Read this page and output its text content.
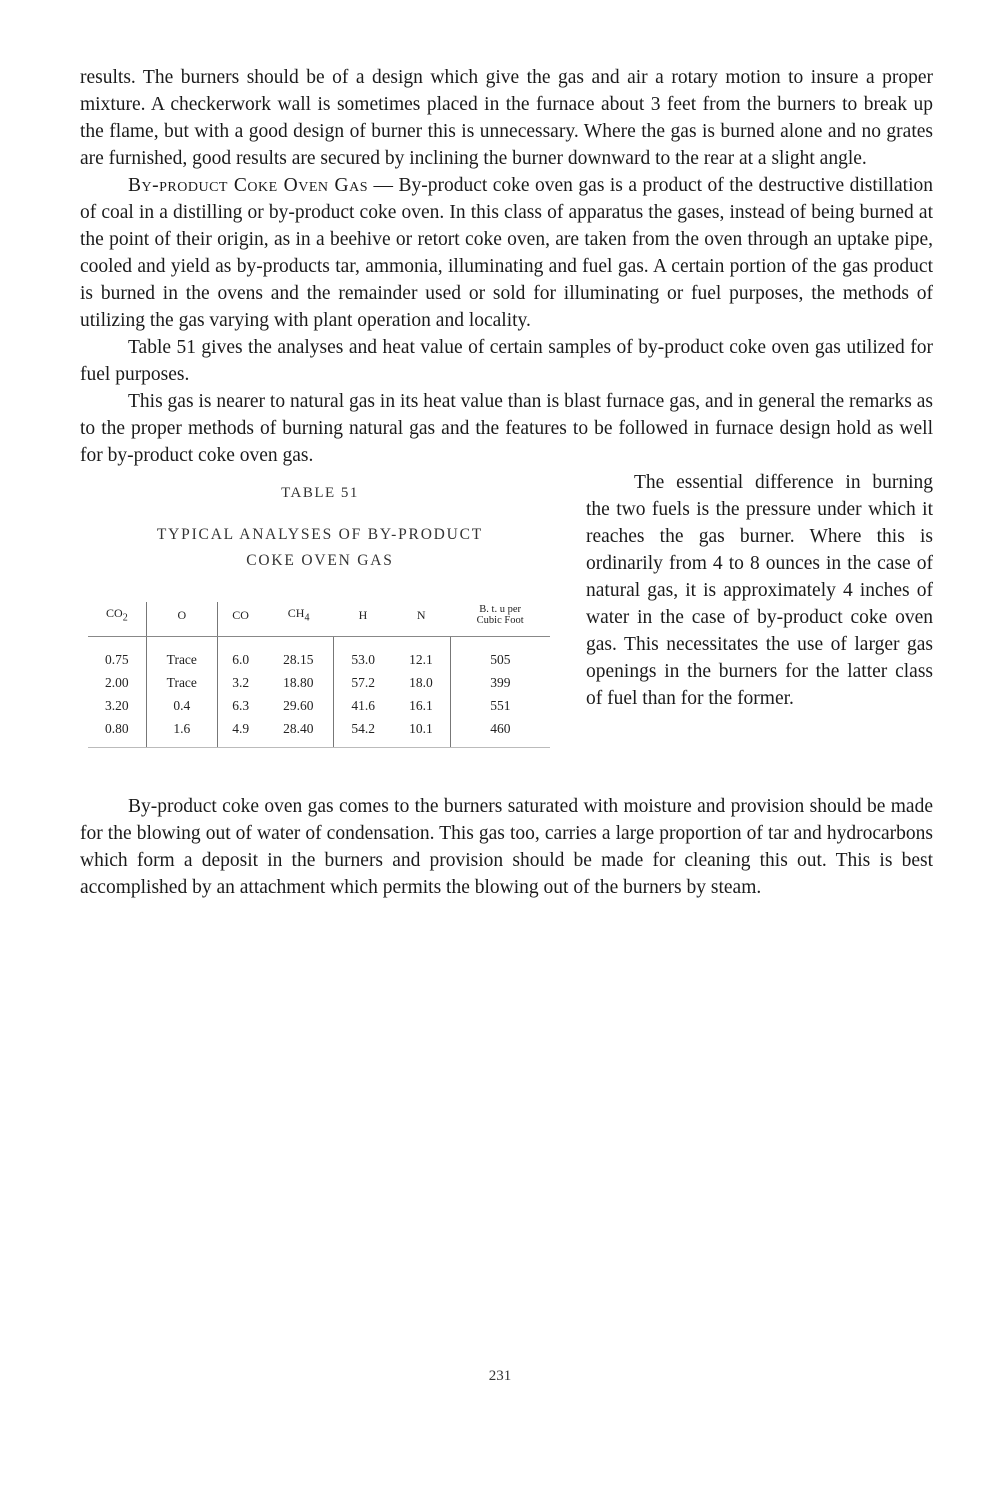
results. The burners should be of a design which give the gas and air a rotary motion to insure a proper mixture. A checkerwork wall is sometimes placed in the furnace about 3 feet from the burners to break up the flame, but with a good design of burner this is unnecessary. Where the gas is burned alone and no grates are furnished, good results are secured by inclining the burner downward to the rear at a slight angle.

By-product Coke Oven Gas — By-product coke oven gas is a product of the destructive distillation of coal in a distilling or by-product coke oven. In this class of apparatus the gases, instead of being burned at the point of their origin, as in a beehive or retort coke oven, are taken from the oven through an uptake pipe, cooled and yield as by-products tar, ammonia, illuminating and fuel gas. A certain portion of the gas product is burned in the ovens and the remainder used or sold for illuminating or fuel purposes, the methods of utilizing the gas varying with plant operation and locality.

Table 51 gives the analyses and heat value of certain samples of by-product coke oven gas utilized for fuel purposes.

This gas is nearer to natural gas in its heat value than is blast furnace gas, and in general the remarks as to the proper methods of burning natural gas and the features to be followed in furnace design hold as well for by-product coke oven gas.

TABLE 51
TYPICAL ANALYSES OF BY-PRODUCT
COKE OVEN GAS
$CO_2$	O	CO	$CH_4$	H	N	B. t. u per
Cubic Foot

0.75	Trace	6.0	28.15	53.0	12.1	505
2.00	Trace	3.2	18.80	57.2	18.0	399
3.20	0.4	6.3	29.60	41.6	16.1	551
0.80	1.6	4.9	28.40	54.2	10.1	460

The essential difference in burning the two fuels is the pressure under which it reaches the gas burner. Where this is ordinarily from 4 to 8 ounces in the case of natural gas, it is approximately 4 inches of water in the case of by-product coke oven gas. This necessitates the use of larger gas openings in the burners for the latter class of fuel than for the former.

By-product coke oven gas comes to the burners saturated with moisture and provision should be made for the blowing out of water of condensation. This gas too, carries a large proportion of tar and hydrocarbons which form a deposit in the burners and provision should be made for cleaning this out. This is best accomplished by an attachment which permits the blowing out of the burners by steam.

231
